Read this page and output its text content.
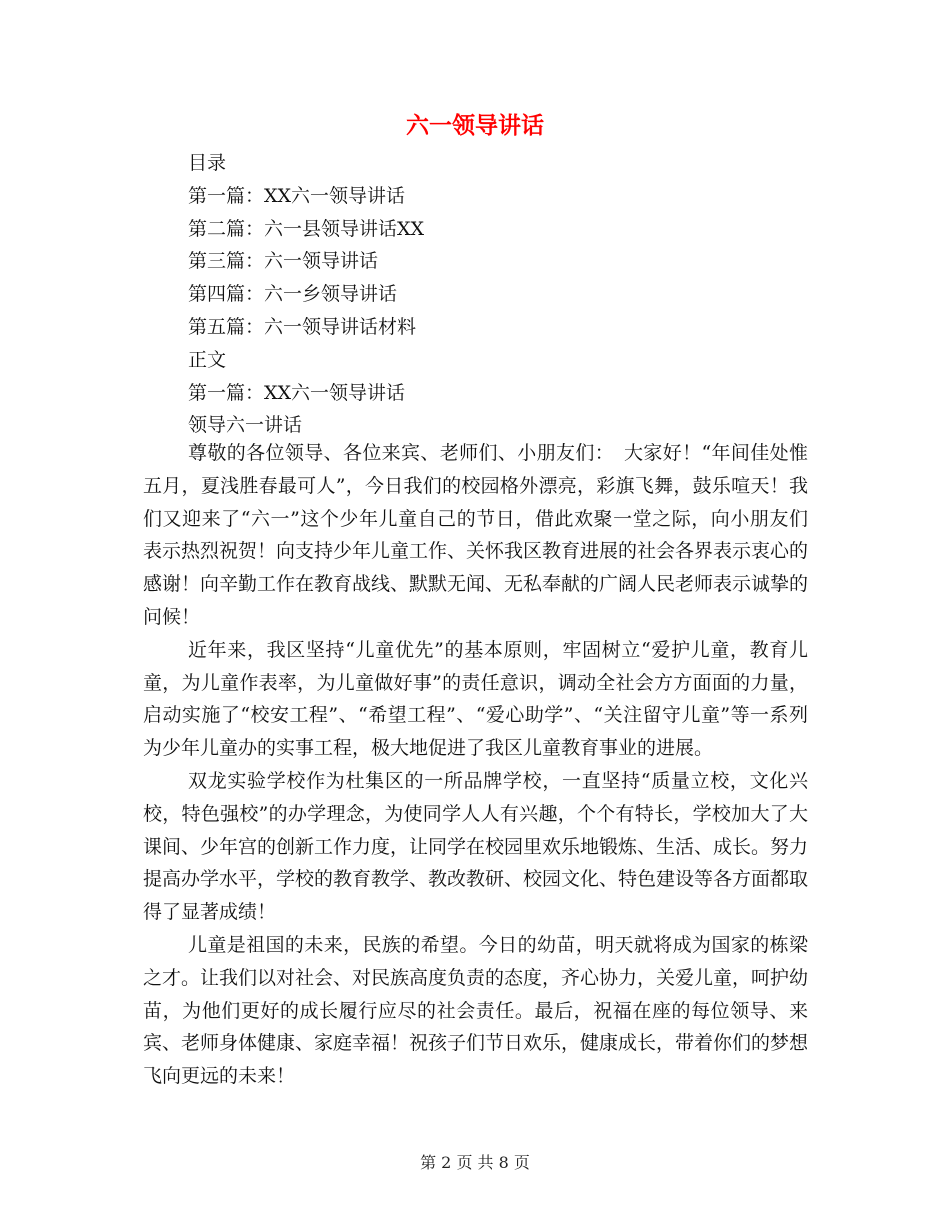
六一领导讲话
目录
第一篇：XX六一领导讲话
第二篇：六一县领导讲话XX
第三篇：六一领导讲话
第四篇：六一乡领导讲话
第五篇：六一领导讲话材料
正文
第一篇：XX六一领导讲话
领导六一讲话

尊敬的各位领导、各位来宾、老师们、小朋友们：　大家好！“年间佳处惟五月，夏浅胜春最可人”，今日我们的校园格外漂亮，彩旗飞舞，鼓乐喧天！我们又迎来了“六一”这个少年儿童自己的节日，借此欢聚一堂之际，向小朋友们表示热烈祝贺！向支持少年儿童工作、关怀我区教育进展的社会各界表示衷心的感谢！向辛勤工作在教育战线、默默无闻、无私奉献的广阔人民老师表示诚挚的问候！

近年来，我区坚持“儿童优先”的基本原则，牢固树立“爱护儿童，教育儿童，为儿童作表率，为儿童做好事”的责任意识，调动全社会方方面面的力量，启动实施了“校安工程”、“希望工程”、“爱心助学”、“关注留守儿童”等一系列为少年儿童办的实事工程，极大地促进了我区儿童教育事业的进展。

双龙实验学校作为杜集区的一所品牌学校，一直坚持“质量立校，文化兴校，特色强校”的办学理念，为使同学人人有兴趣，个个有特长，学校加大了大课间、少年宫的创新工作力度，让同学在校园里欢乐地锻炼、生活、成长。努力提高办学水平，学校的教育教学、教改教研、校园文化、特色建设等各方面都取得了显著成绩！

儿童是祖国的未来，民族的希望。今日的幼苗，明天就将成为国家的栋梁之才。让我们以对社会、对民族高度负责的态度，齐心协力，关爱儿童，呵护幼苗，为他们更好的成长履行应尽的社会责任。最后，祝福在座的每位领导、来宾、老师身体健康、家庭幸福！祝孩子们节日欢乐，健康成长，带着你们的梦想飞向更远的未来！

第 2 页 共 8 页
